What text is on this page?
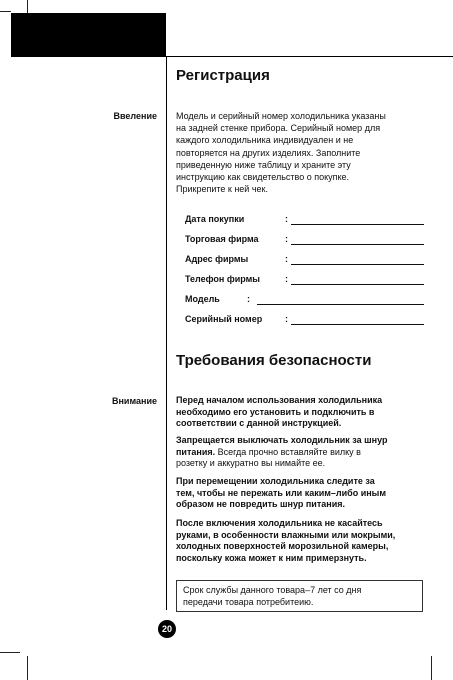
Введение
Регистрация
Ввеление Модель и серийный номер холодильника указаны
на задней стенке прибора. Серийный номер для
каждого холодильника индивидуален и не
повторяется на других изделиях. Заполните
приведенную ниже таблицу и храните эту
инструкцию как свидетельство о покупке.
Прикрепите к ней чек.
Дата покупки	:
Торговая фирма	:
Адрес фирмы	:
Телефон фирмы	:
Модель	:
Серийный номер	:
Требования безопасности
Внимание Перед началом использования холодильника
необходимо его установить и подключить в
соответствии с данной инструкцией.
Запрещается выключать холодильник за шнур
питания. Всегда прочно вставляйте вилку в
розетку и аккуратно вы нимайте ее.
При перемещении холодильника следите за
тем, чтобы не пережать или каким–либо иным
образом не повредить шнур питания.
После включения холодильника не касайтесь
руками, в особенности влажными или мокрыми,
холодных поверхностей морозильной камеры,
поскольку кожа может к ним примерзнуть.
Срок службы данного товара–7 лет со дня
передачи товара потребитеию.
20
